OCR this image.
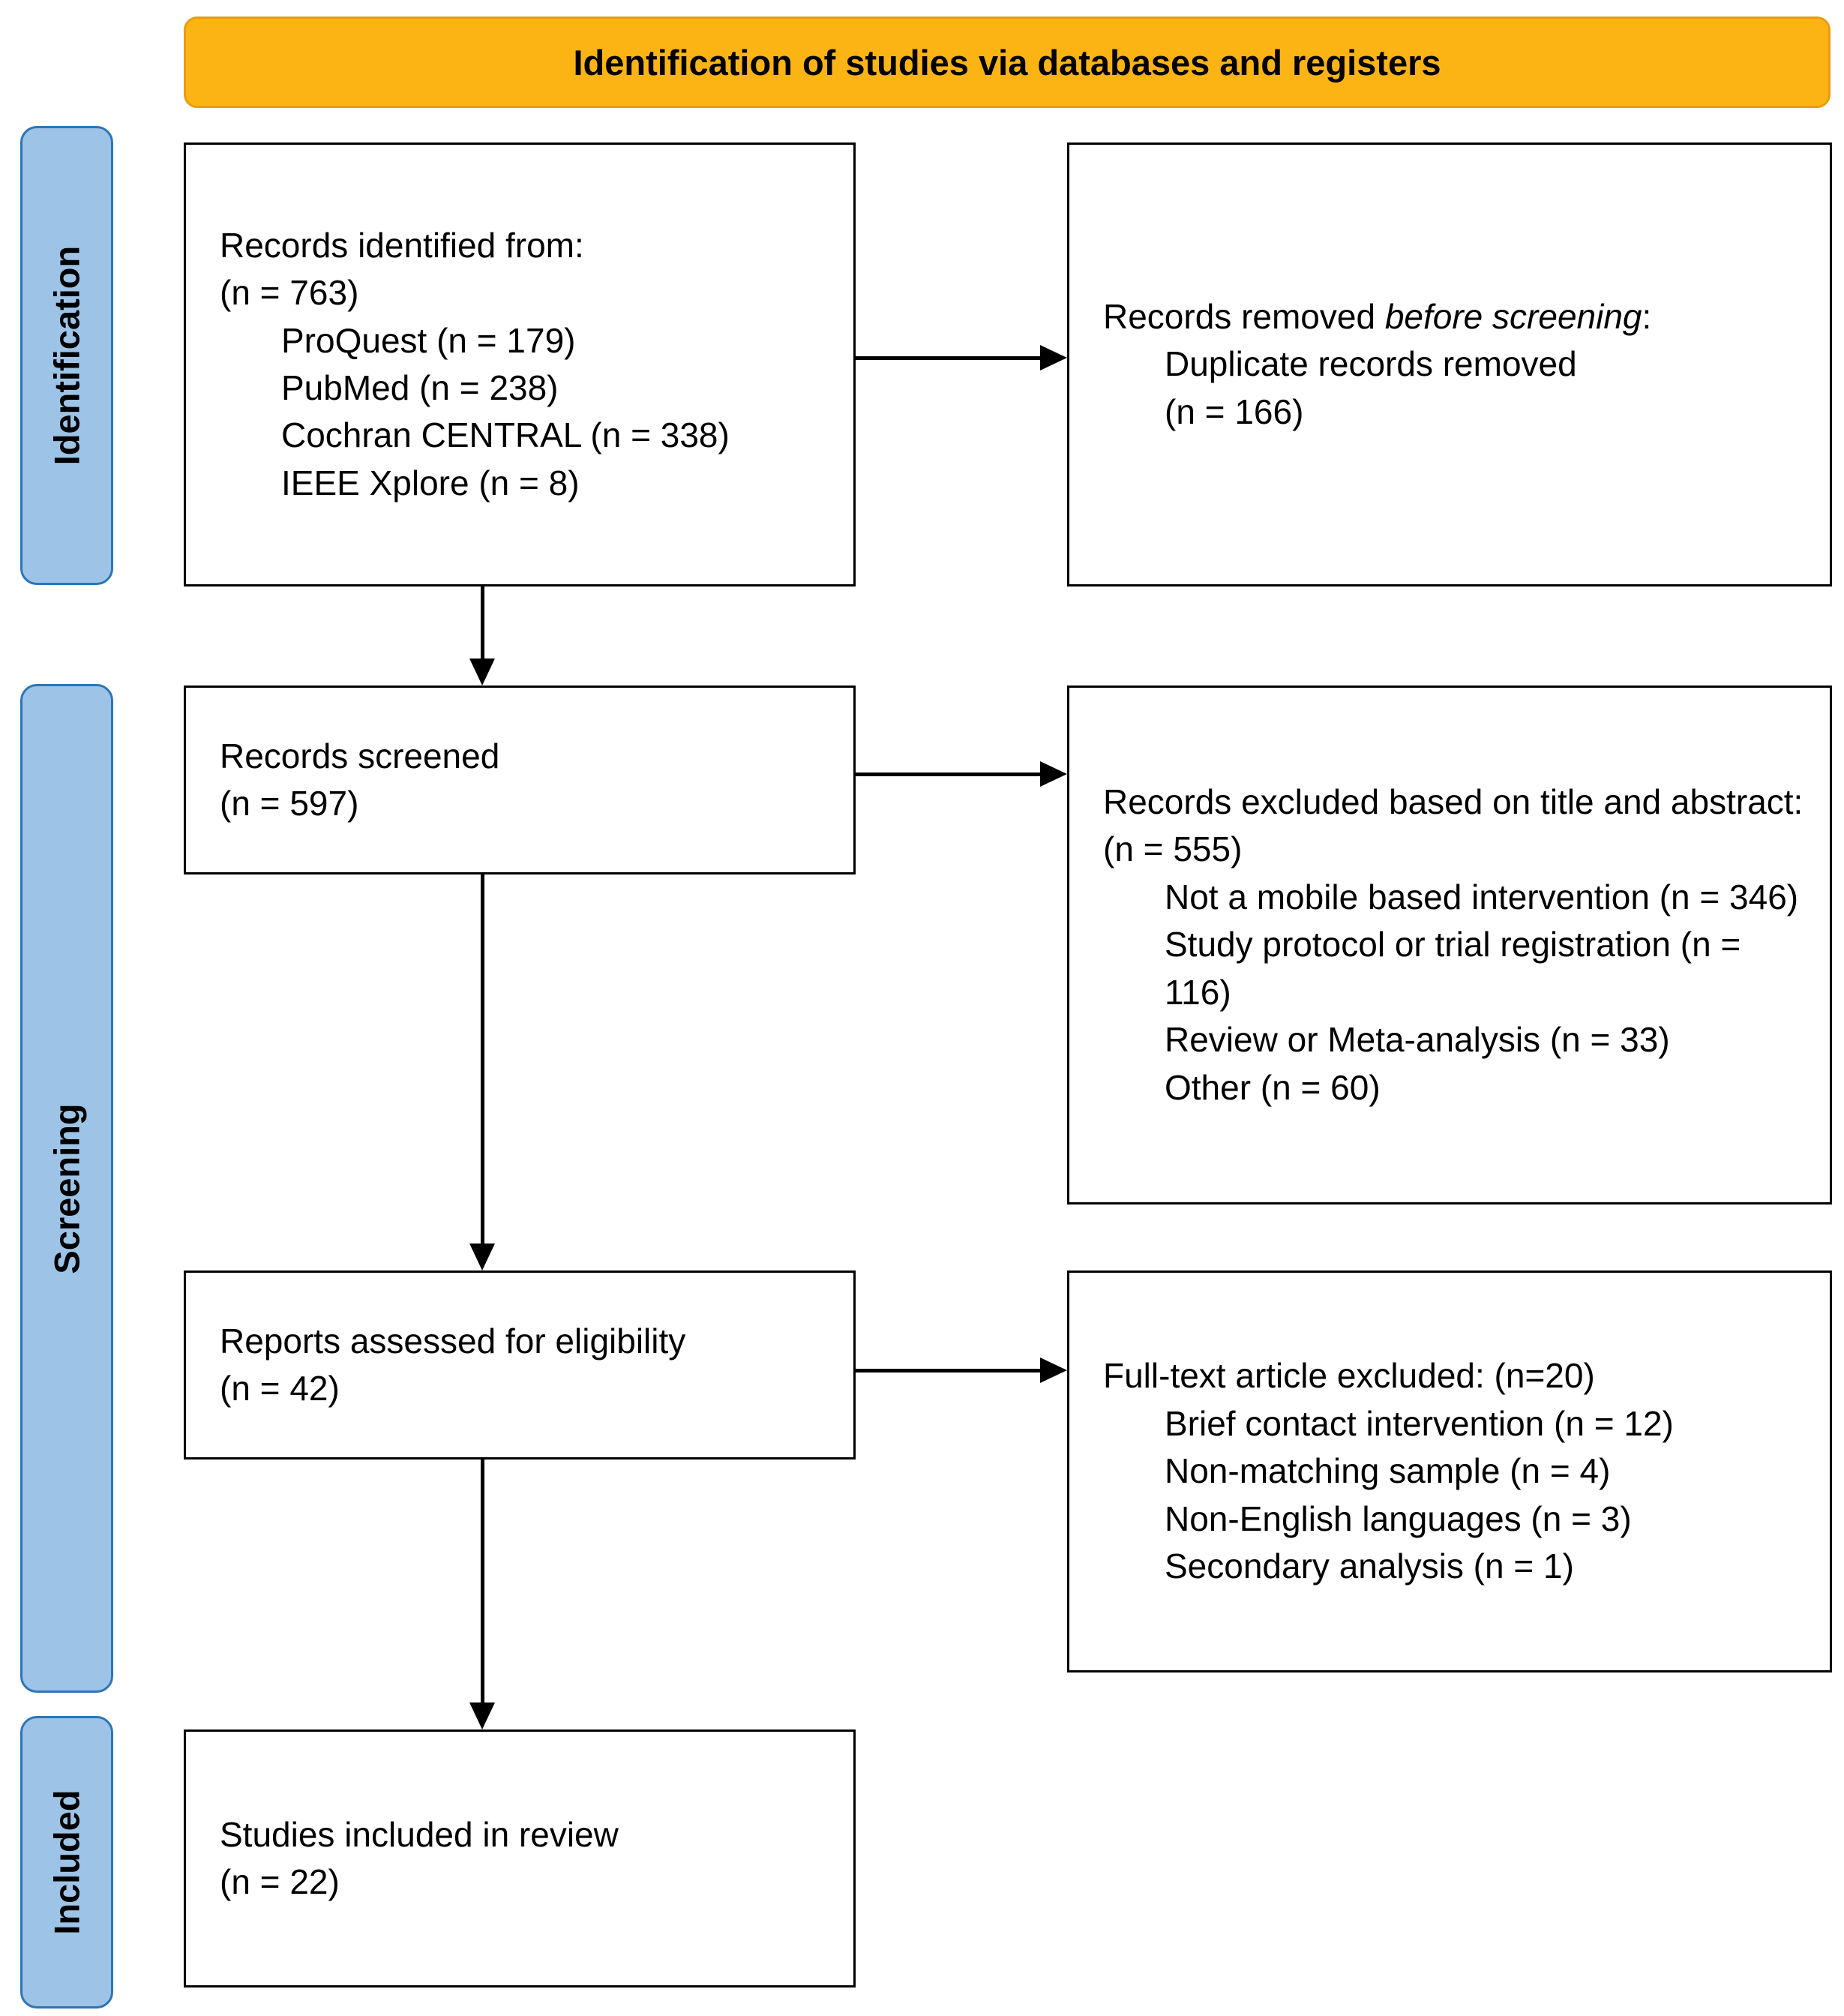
Identification of studies via databases and registers
Identification
Screening
Included
Records identified from:
(n = 763)
ProQuest (n = 179)
PubMed (n = 238)
Cochran CENTRAL (n = 338)
IEEE Xplore (n = 8)
Records removed before screening:
Duplicate records removed
(n = 166)
Records screened
(n = 597)	Records excluded based on title and abstract: (n = 555)
Not a mobile based intervention (n = 346)
Study protocol or trial registration (n = 116)
Review or Meta-analysis (n = 33)
Other (n = 60)
Reports assessed for eligibility
(n = 42)	Full-text article excluded: (n=20)
Brief contact intervention (n = 12)
Non-matching sample (n = 4)
Non-English languages (n = 3)
Secondary analysis (n = 1)
Studies included in review
(n = 22)
